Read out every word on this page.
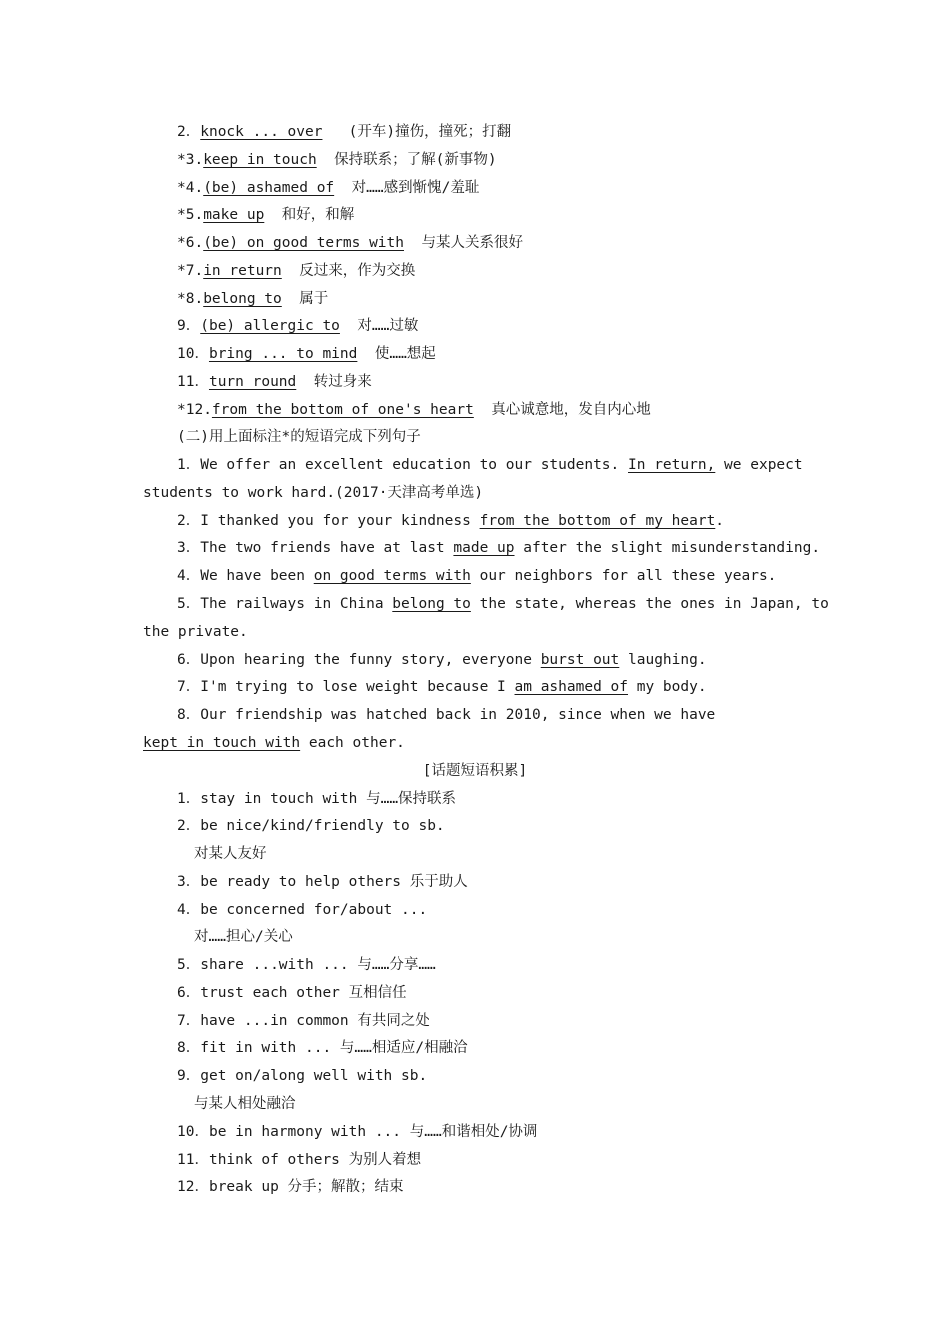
2．knock ... over   (开车)撞伤，撞死；打翻
*3.keep in touch 保持联系；了解(新事物)
*4.(be) ashamed of 对……感到惭愧/羞耻
*5.make up 和好，和解
*6.(be) on good terms with 与某人关系很好
*7.in return 反过来，作为交换
*8.belong to 属于
9．(be) allergic to 对……过敏
10．bring ... to mind 使……想起
11．turn round 转过身来
*12.from the bottom of one's heart 真心诚意地，发自内心地
(二)用上面标注*的短语完成下列句子
1．We offer an excellent education to our students. In return, we expect
students to work hard.(2017·天津高考单选)
2．I thanked you for your kindness from the bottom of my heart.
3．The two friends have at last made up after the slight misunderstanding.
4．We have been on good terms with our neighbors for all these years.
5．The railways in China belong to the state, whereas the ones in Japan, to
the private.
6．Upon hearing the funny story, everyone burst out laughing.
7．I'm trying to lose weight because I am ashamed of my body.
8．Our friendship was hatched back in 2010, since when we have
kept in touch with each other.
[话题短语积累]
1．stay in touch with 与……保持联系
2．be nice/kind/friendly to sb.
对某人友好
3．be ready to help others 乐于助人
4．be concerned for/about ...
对……担心/关心
5．share ...with ... 与……分享……
6．trust each other 互相信任
7．have ...in common 有共同之处
8．fit in with ... 与……相适应/相融洽
9．get on/along well with sb.
与某人相处融洽
10．be in harmony with ... 与……和谐相处/协调
11．think of others 为别人着想
12．break up 分手；解散；结束
